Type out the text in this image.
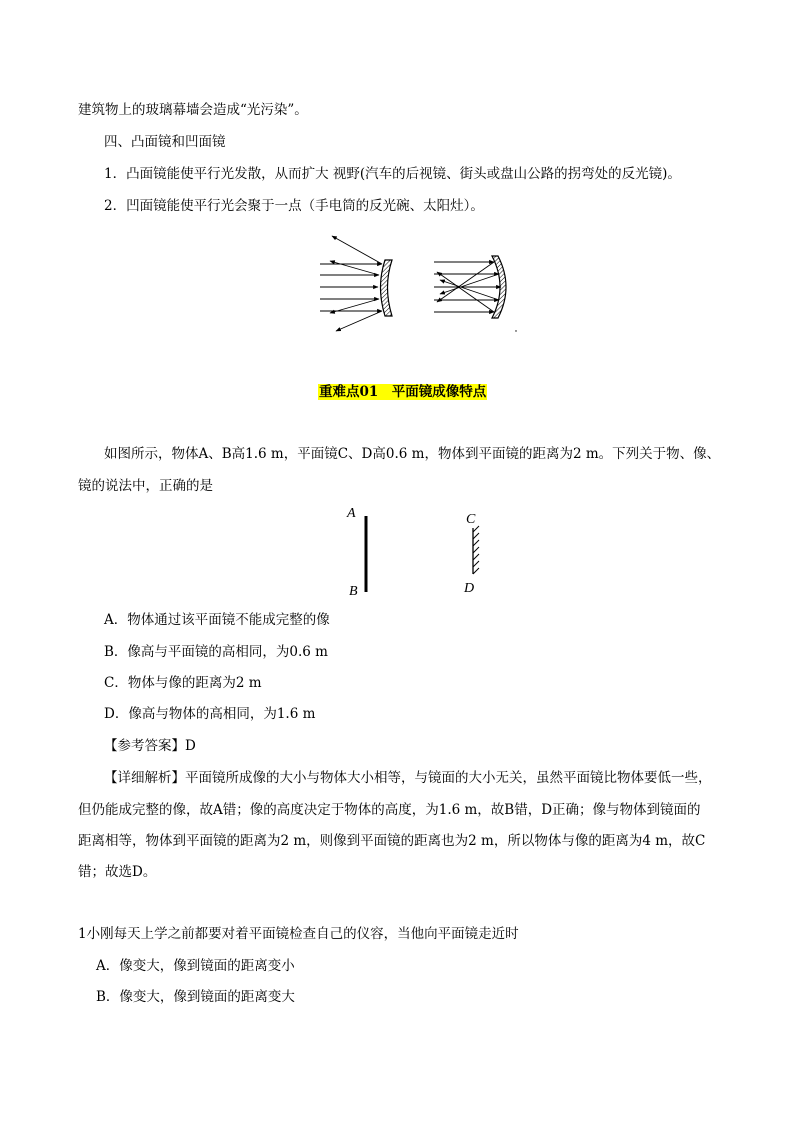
建筑物上的玻璃幕墙会造成“光污染”。
四、凸面镜和凹面镜
1．凸面镜能使平行光发散，从而扩大 视野(汽车的后视镜、街头或盘山公路的拐弯处的反光镜)。
2．凹面镜能使平行光会聚于一点（手电筒的反光碗、太阳灶）。
重难点01　平面镜成像特点
如图所示，物体A、B高1.6 m，平面镜C、D高0.6 m，物体到平面镜的距离为2 m。下列关于物、像、
镜的说法中，正确的是
A
B
C
D
A．物体通过该平面镜不能成完整的像
B．像高与平面镜的高相同，为0.6 m
C．物体与像的距离为2 m
D．像高与物体的高相同，为1.6 m
【参考答案】D
【详细解析】平面镜所成像的大小与物体大小相等，与镜面的大小无关，虽然平面镜比物体要低一些，
但仍能成完整的像，故A错；像的高度决定于物体的高度，为1.6 m，故B错，D正确；像与物体到镜面的
距离相等，物体到平面镜的距离为2 m，则像到平面镜的距离也为2 m，所以物体与像的距离为4 m，故C
错；故选D。
1小刚每天上学之前都要对着平面镜检查自己的仪容，当他向平面镜走近时
A．像变大，像到镜面的距离变小
B．像变大，像到镜面的距离变大
